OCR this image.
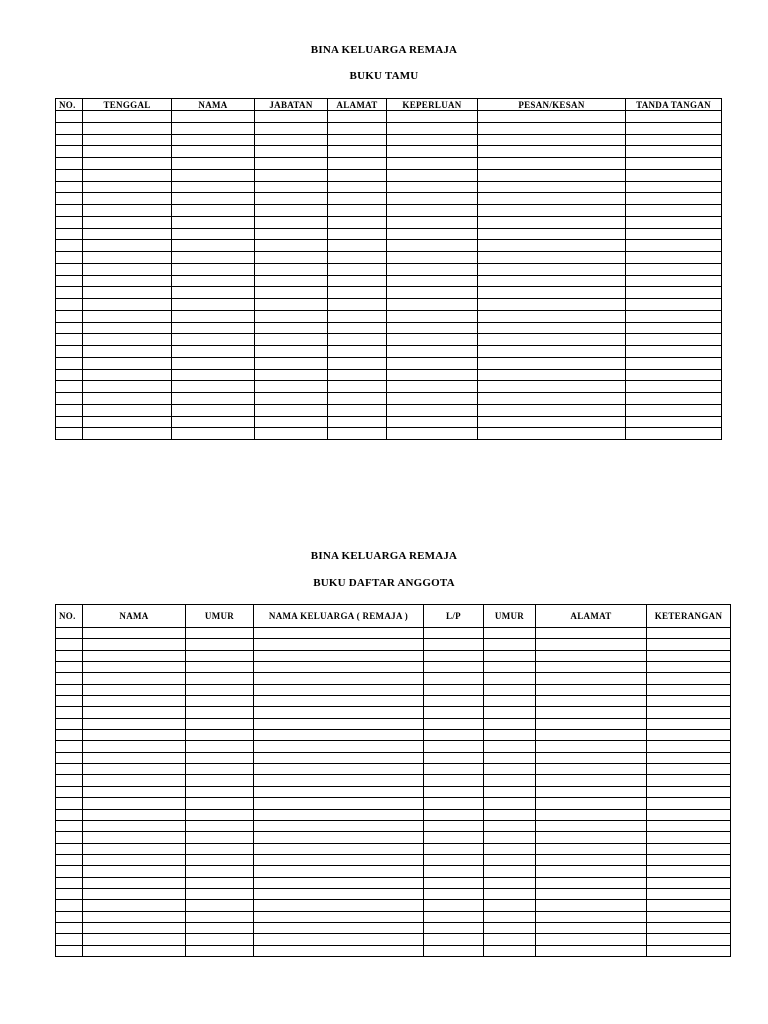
BINA KELUARGA REMAJA
BUKU TAMU
NO.	TENGGAL	NAMA	JABATAN	ALAMAT	KEPERLUAN	PESAN/KESAN	TANDA TANGAN

BINA KELUARGA REMAJA
BUKU DAFTAR ANGGOTA
NO.	NAMA	UMUR	NAMA KELUARGA ( REMAJA )	L/P	UMUR	ALAMAT	KETERANGAN
